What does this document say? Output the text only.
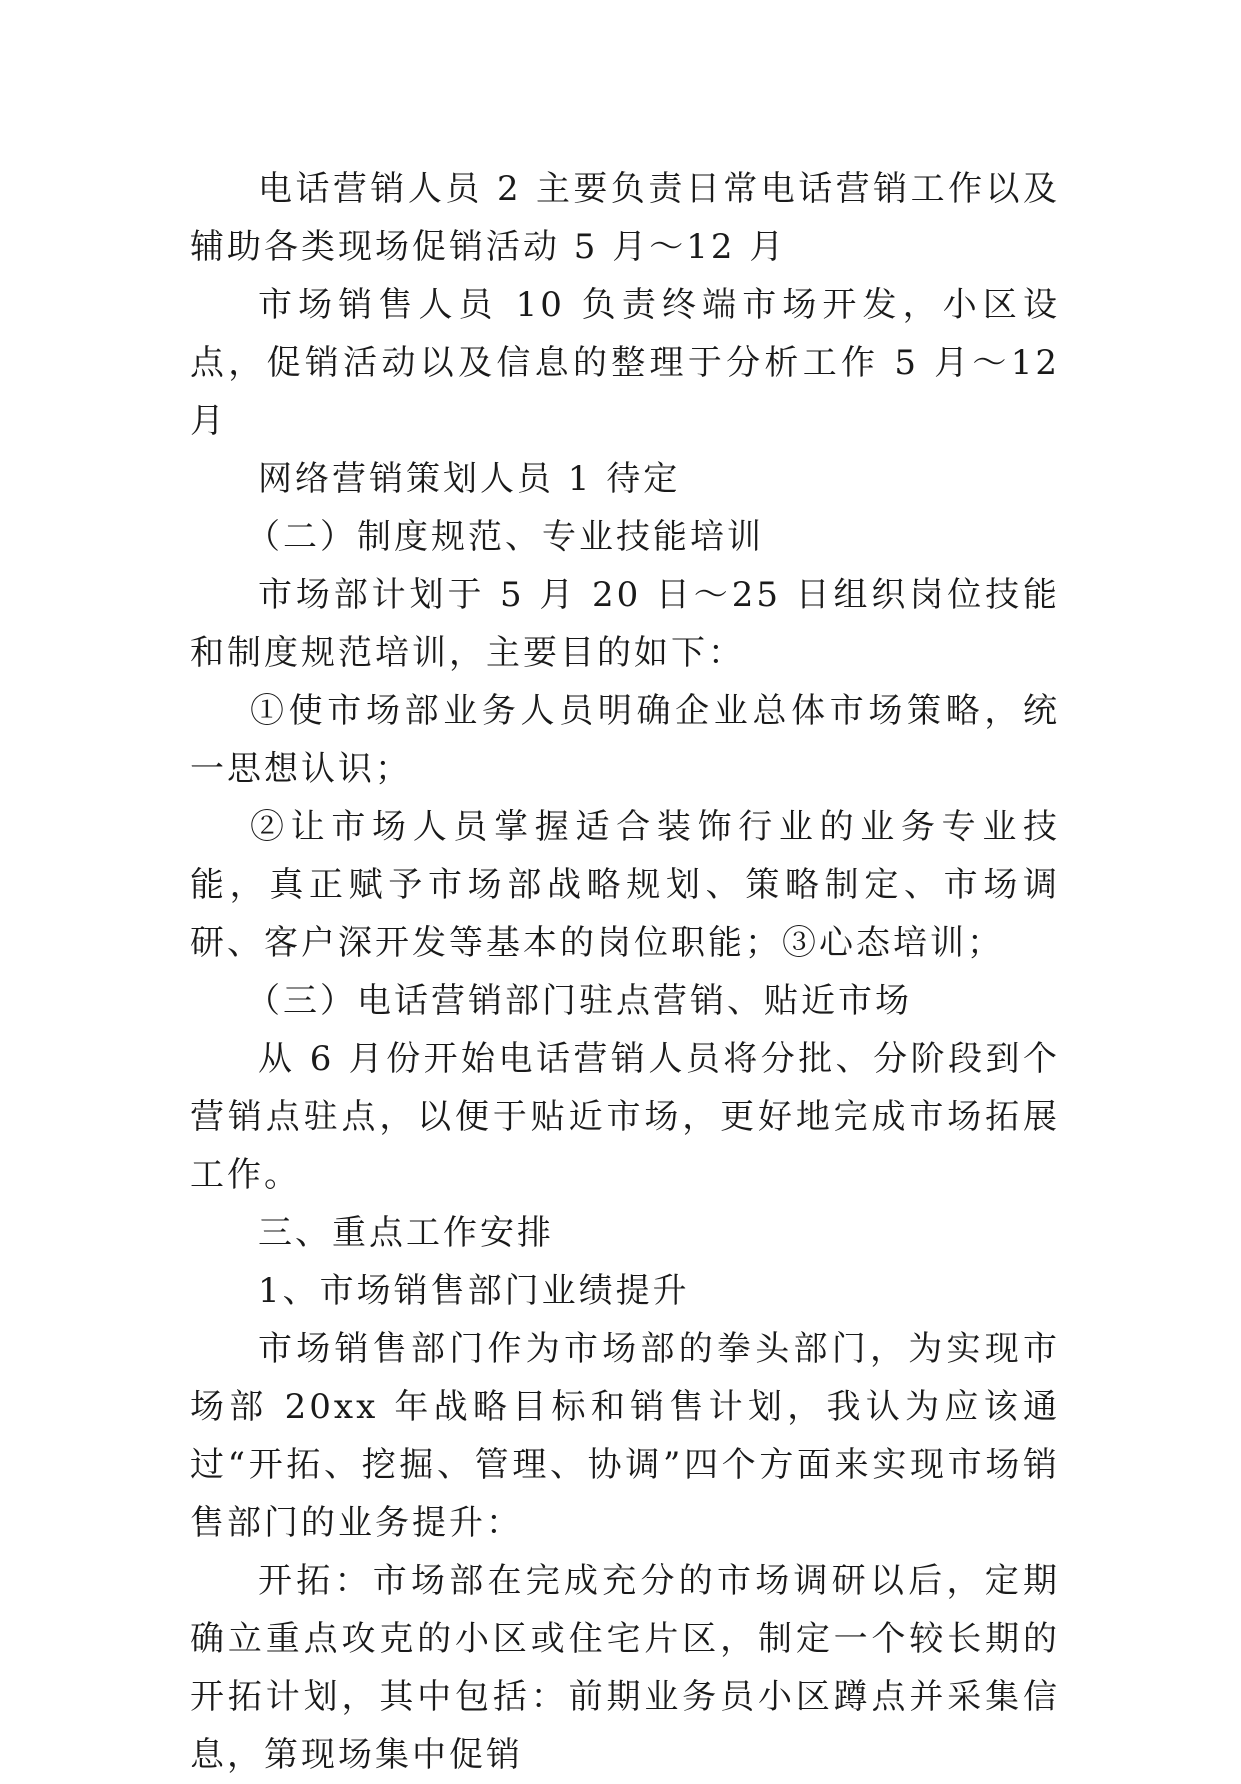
电话营销人员 2 主要负责日常电话营销工作以及辅助各类现场促销活动 5 月～12 月

市场销售人员 10 负责终端市场开发，小区设点，促销活动以及信息的整理于分析工作 5 月～12 月

网络营销策划人员 1 待定

（二）制度规范、专业技能培训

市场部计划于 5 月 20 日～25 日组织岗位技能和制度规范培训，主要目的如下：

①使市场部业务人员明确企业总体市场策略，统一思想认识；

②让市场人员掌握适合装饰行业的业务专业技能，真正赋予市场部战略规划、策略制定、市场调研、客户深开发等基本的岗位职能；③心态培训；

（三）电话营销部门驻点营销、贴近市场

从 6 月份开始电话营销人员将分批、分阶段到个营销点驻点，以便于贴近市场，更好地完成市场拓展工作。

三、重点工作安排

1、市场销售部门业绩提升

市场销售部门作为市场部的拳头部门，为实现市场部 20xx 年战略目标和销售计划，我认为应该通过“开拓、挖掘、管理、协调”四个方面来实现市场销售部门的业务提升：

开拓：市场部在完成充分的市场调研以后，定期确立重点攻克的小区或住宅片区，制定一个较长期的开拓计划，其中包括：前期业务员小区蹲点并采集信息，第现场集中促销
